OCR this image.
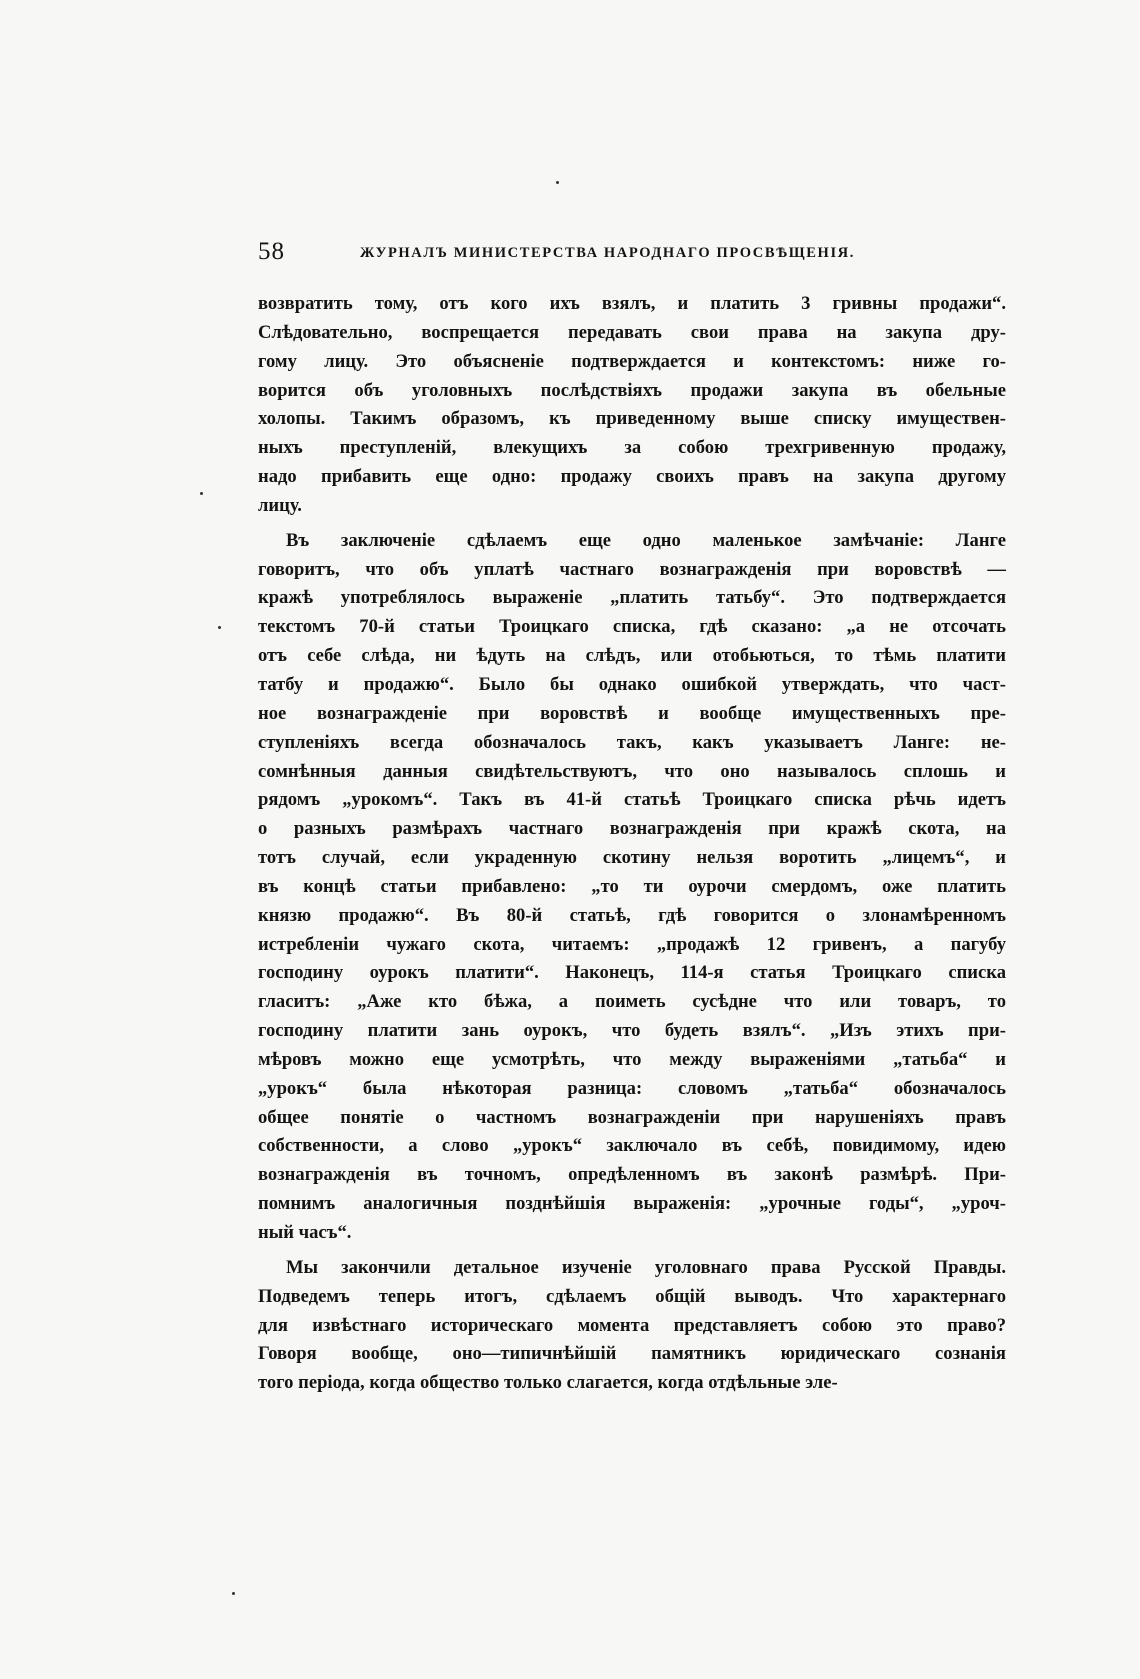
58	ЖУРНАЛЪ МИНИСТЕРСТВА НАРОДНАГО ПРОСВѢЩЕНІЯ.
возвратить тому, отъ кого ихъ взялъ, и платить 3 гривны продажи“.
Слѣдовательно, воспрещается передавать свои права на закупа дру-
гому лицу. Это объясненіе подтверждается и контекстомъ: ниже го-
ворится объ уголовныхъ послѣдствіяхъ продажи закупа въ обельные
холопы. Такимъ образомъ, къ приведенному выше списку имуществен-
ныхъ преступленій, влекущихъ за собою трехгривенную продажу,
надо прибавить еще одно: продажу своихъ правъ на закупа другому
лицу.
Въ заключеніе сдѣлаемъ еще одно маленькое замѣчаніе: Ланге
говоритъ, что объ уплатѣ частнаго вознагражденія при воровствѣ —
кражѣ употреблялось выраженіе „платить татьбу“. Это подтверждается
текстомъ 70-й статьи Троицкаго списка, гдѣ сказано: „а не отсочать
отъ себе слѣда, ни ѣдуть на слѣдъ, или отобьються, то тѣмь платити
татбу и продажю“. Было бы однако ошибкой утверждать, что част-
ное вознагражденіе при воровствѣ и вообще имущественныхъ пре-
ступленіяхъ всегда обозначалось такъ, какъ указываетъ Ланге: не-
сомнѣнныя данныя свидѣтельствуютъ, что оно называлось сплошь и
рядомъ „урокомъ“. Такъ въ 41-й статьѣ Троицкаго списка рѣчь идетъ
о разныхъ размѣрахъ частнаго вознагражденія при кражѣ скота, на
тотъ случай, если украденную скотину нельзя воротить „лицемъ“, и
въ концѣ статьи прибавлено: „то ти оурочи смердомъ, оже платить
князю продажю“. Въ 80-й статьѣ, гдѣ говорится о злонамѣренномъ
истребленіи чужаго скота, читаемъ: „продажѣ 12 гривенъ, а пагубу
господину оурокъ платити“. Наконецъ, 114-я статья Троицкаго списка
гласитъ: „Аже кто бѣжа, а поиметь сусѣдне что или товаръ, то
господину платити зань оурокъ, что будеть взялъ“. „Изъ этихъ при-
мѣровъ можно еще усмотрѣть, что между выраженіями „татьба“ и
„урокъ“ была нѣкоторая разница: словомъ „татьба“ обозначалось
общее понятіе о частномъ вознагражденіи при нарушеніяхъ правъ
собственности, а слово „урокъ“ заключало въ себѣ, повидимому, идею
вознагражденія въ точномъ, опредѣленномъ въ законѣ размѣрѣ. При-
помнимъ аналогичныя позднѣйшія выраженія: „урочные годы“, „уроч-
ный часъ“.
Мы закончили детальное изученіе уголовнаго права Русской Правды.
Подведемъ теперь итогъ, сдѣлаемъ общій выводъ. Что характернаго
для извѣстнаго историческаго момента представляетъ собою это право?
Говоря вообще, оно—типичнѣйшій памятникъ юридическаго сознанія
того періода, когда общество только слагается, когда отдѣльные эле-
